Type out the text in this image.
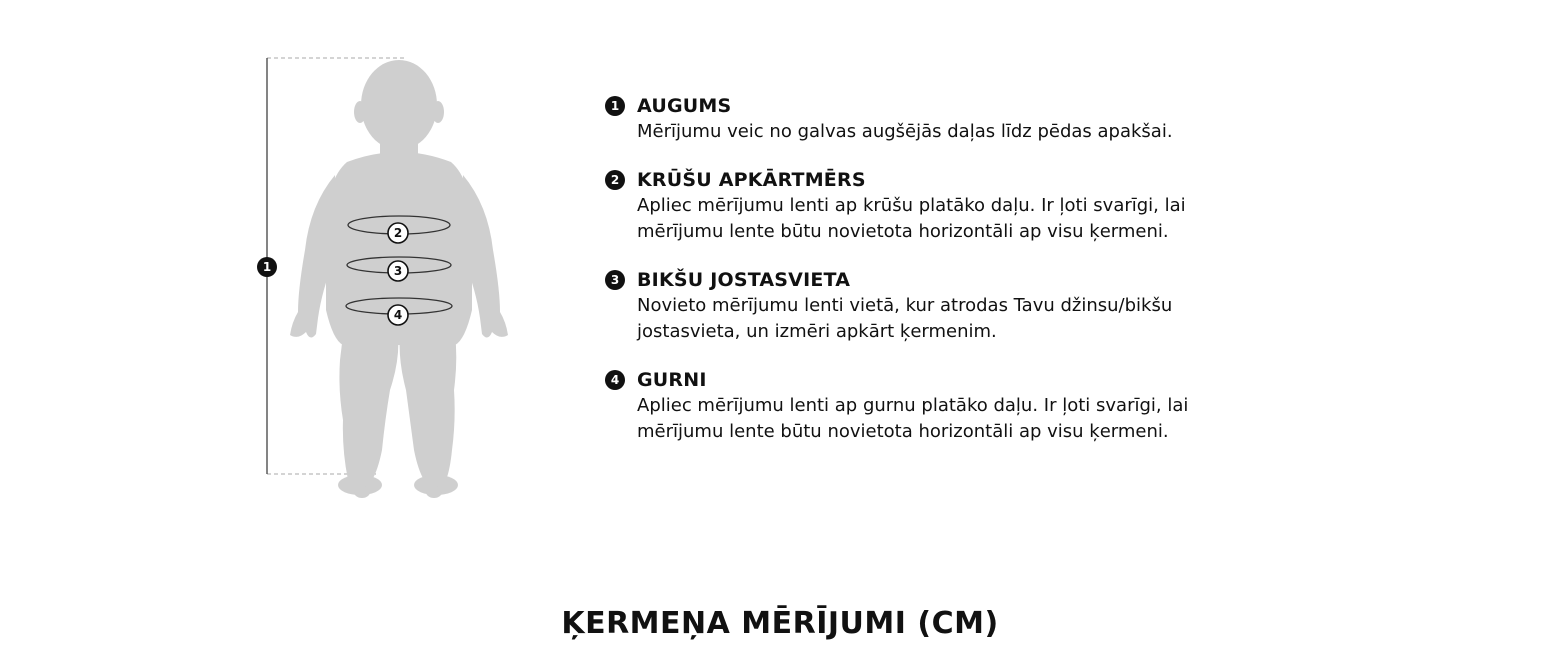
1
2
3
4
1 AUGUMS
Mērījumu veic no galvas augšējās daļas līdz pēdas apakšai.
2 KRŪŠU APKĀRTMĒRS
Apliec mērījumu lenti ap krūšu platāko daļu. Ir ļoti svarīgi, lai mērījumu lente būtu novietota horizontāli ap visu ķermeni.
3 BIKŠU JOSTASVIETA
Novieto mērījumu lenti vietā, kur atrodas Tavu džinsu/bikšu jostasvieta, un izmēri apkārt ķermenim.
4 GURNI
Apliec mērījumu lenti ap gurnu platāko daļu. Ir ļoti svarīgi, lai mērījumu lente būtu novietota horizontāli ap visu ķermeni.
ĶERMEŅA MĒRĪJUMI (CM)
